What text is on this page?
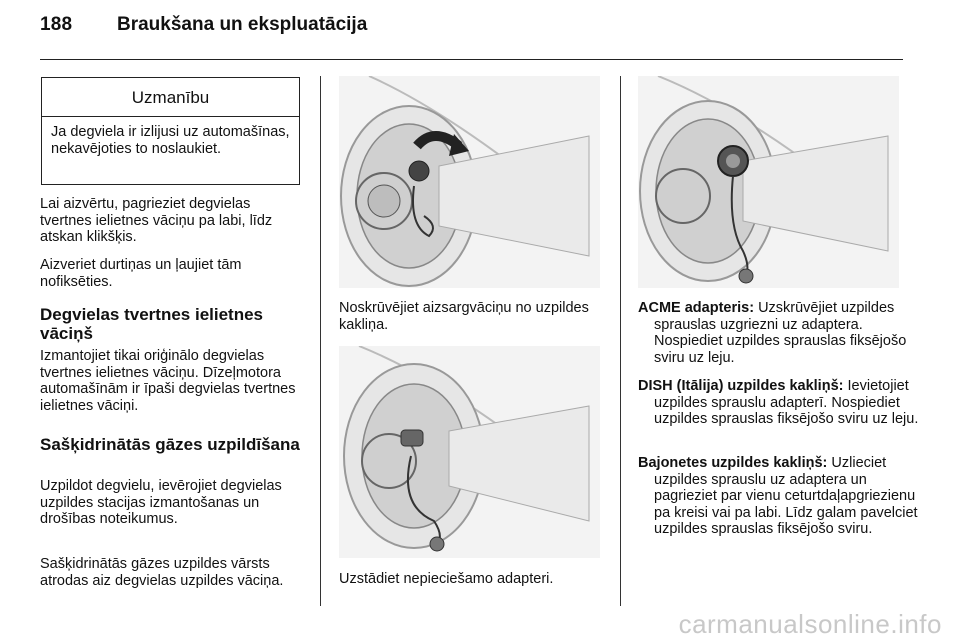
188 Braukšana un ekspluatācija
Uzmanību
Ja degviela ir izlijusi uz automašīnas, nekavējoties to noslaukiet.
Lai aizvērtu, pagrieziet degvielas tvertnes ielietnes vāciņu pa labi, līdz atskan klikšķis.
Aizveriet durtiņas un ļaujiet tām nofiksēties.
Degvielas tvertnes ielietnes vāciņš
Izmantojiet tikai oriģinālo degvielas tvertnes ielietnes vāciņu. Dīzeļmotora automašīnām ir īpaši degvielas tvertnes ielietnes vāciņi.
Sašķidrinātās gāzes uzpildīšana
Uzpildot degvielu, ievērojiet degvielas uzpildes stacijas izmantošanas un drošības noteikumus.
Sašķidrinātās gāzes uzpildes vārsts atrodas aiz degvielas uzpildes vāciņa.
Noskrūvējiet aizsargvāciņu no uzpildes kakliņa.
Uzstādiet nepieciešamo adapteri.
ACME adapteris: Uzskrūvējiet uzpildes sprauslas uzgriezni uz adaptera. Nospiediet uzpildes sprauslas fiksējošo sviru uz leju.
DISH (Itālija) uzpildes kakliņš: Ievietojiet uzpildes sprauslu adapterī. Nospiediet uzpildes sprauslas fiksējošo sviru uz leju.
Bajonetes uzpildes kakliņš: Uzlieciet uzpildes sprauslu uz adaptera un pagrieziet par vienu ceturtdaļapgriezienu pa kreisi vai pa labi. Līdz galam pavelciet uzpildes sprauslas fiksējošo sviru.
carmanualsonline.info
